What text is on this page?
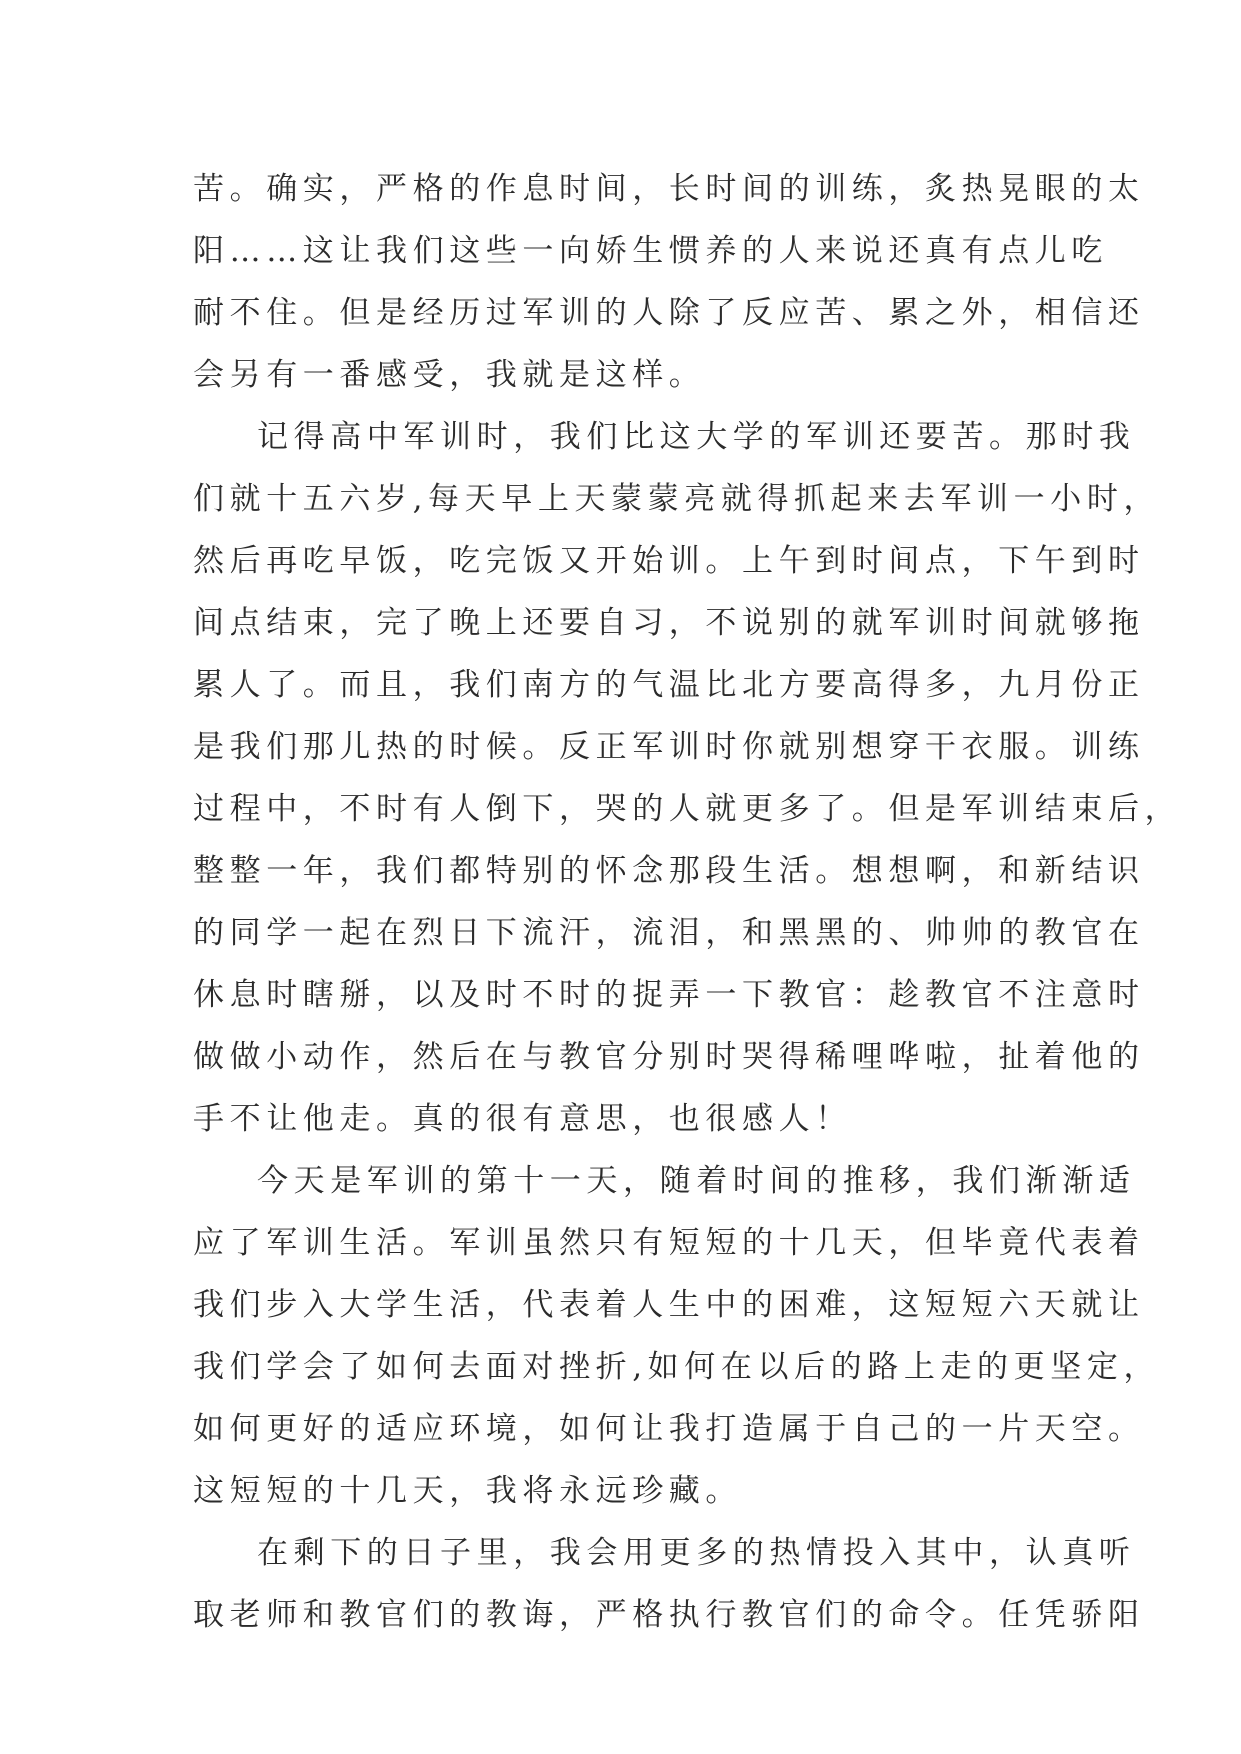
苦。确实，严格的作息时间，长时间的训练，炙热晃眼的太
阳……这让我们这些一向娇生惯养的人来说还真有点儿吃
耐不住。但是经历过军训的人除了反应苦、累之外，相信还
会另有一番感受，我就是这样。
记得高中军训时，我们比这大学的军训还要苦。那时我
们就十五六岁,每天早上天蒙蒙亮就得抓起来去军训一小时，
然后再吃早饭，吃完饭又开始训。上午到时间点，下午到时
间点结束，完了晚上还要自习，不说别的就军训时间就够拖
累人了。而且，我们南方的气温比北方要高得多，九月份正
是我们那儿热的时候。反正军训时你就别想穿干衣服。训练
过程中，不时有人倒下，哭的人就更多了。但是军训结束后，
整整一年，我们都特别的怀念那段生活。想想啊，和新结识
的同学一起在烈日下流汗，流泪，和黑黑的、帅帅的教官在
休息时瞎掰，以及时不时的捉弄一下教官：趁教官不注意时
做做小动作，然后在与教官分别时哭得稀哩哗啦，扯着他的
手不让他走。真的很有意思，也很感人！
今天是军训的第十一天，随着时间的推移，我们渐渐适
应了军训生活。军训虽然只有短短的十几天，但毕竟代表着
我们步入大学生活，代表着人生中的困难，这短短六天就让
我们学会了如何去面对挫折,如何在以后的路上走的更坚定，
如何更好的适应环境，如何让我打造属于自己的一片天空。
这短短的十几天，我将永远珍藏。
在剩下的日子里，我会用更多的热情投入其中，认真听
取老师和教官们的教诲，严格执行教官们的命令。任凭骄阳
